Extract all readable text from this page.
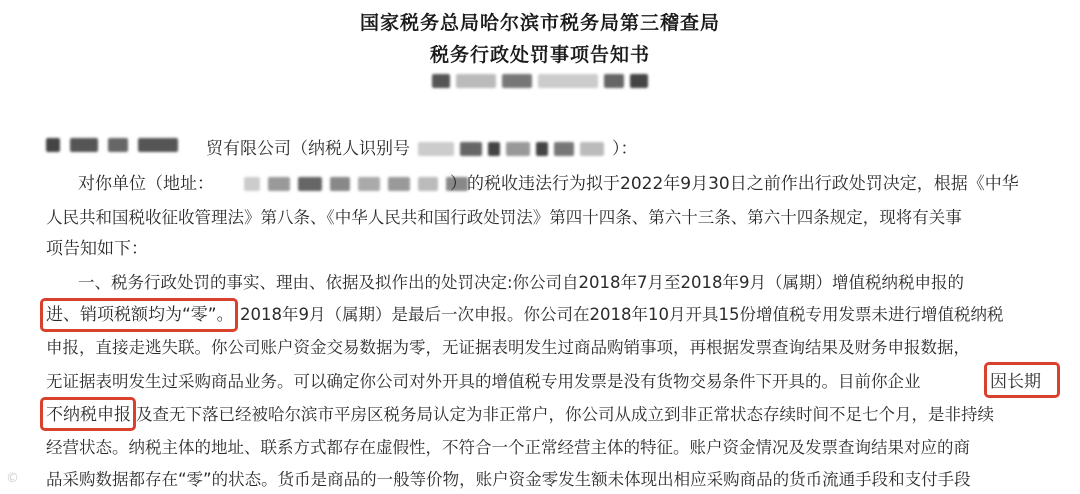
国家税务总局哈尔滨市税务局第三稽查局
税务行政处罚事项告知书
贸有限公司（纳税人识别号	）：
对你单位（地址：	）的税收违法行为拟于2022年9月30日之前作出行政处罚决定，根据《中华
人民共和国税收征收管理法》第八条、《中华人民共和国行政处罚法》第四十四条、第六十三条、第六十四条规定，现将有关事
项告知如下：
一、税务行政处罚的事实、理由、依据及拟作出的处罚决定:你公司自2018年7月至2018年9月（属期）增值税纳税申报的
进、销项税额均为“零”。 2018年9月（属期）是最后一次申报。你公司在2018年10月开具15份增值税专用发票未进行增值税纳税
申报，直接走逃失联。你公司账户资金交易数据为零，无证据表明发生过商品购销事项，再根据发票查询结果及财务申报数据，
无证据表明发生过采购商品业务。可以确定你公司对外开具的增值税专用发票是没有货物交易条件下开具的。目前你企业	因长期
不纳税申报 及查无下落已经被哈尔滨市平房区税务局认定为非正常户，你公司从成立到非正常状态存续时间不足七个月，是非持续
经营状态。纳税主体的地址、联系方式都存在虚假性，不符合一个正常经营主体的特征。账户资金情况及发票查询结果对应的商
品采购数据都存在“零”的状态。货币是商品的一般等价物，账户资金零发生额未体现出相应采购商品的货币流通手段和支付手段
©
